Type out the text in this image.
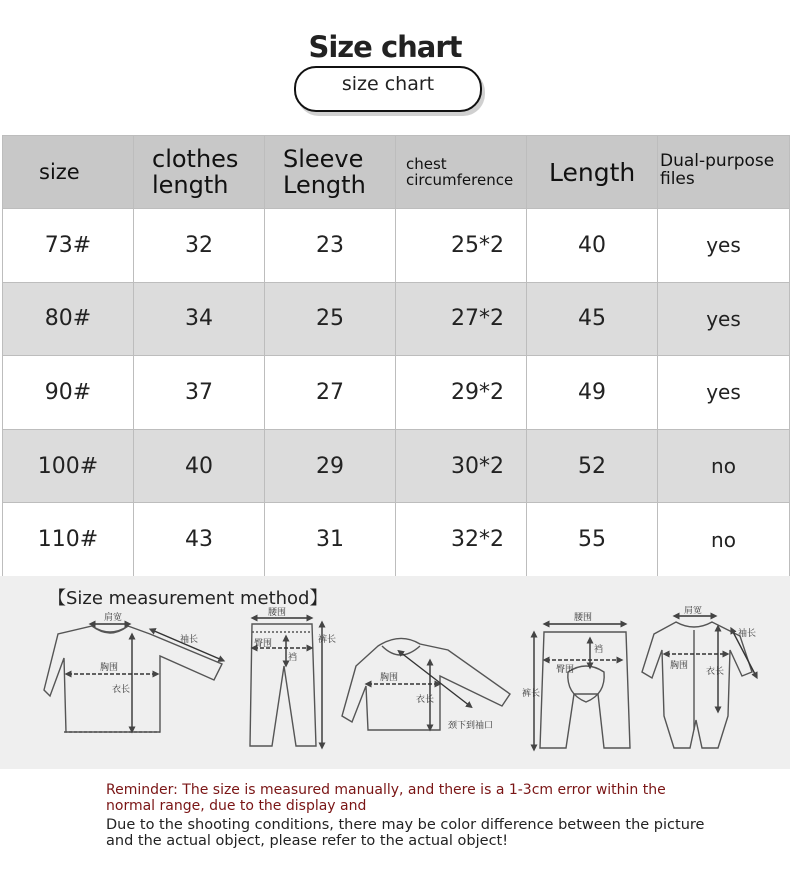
Size chart
size chart
size	clothes length	Sleeve Length	chest circumference	Length	Dual-purpose files
73#	32	23	25*2	40	yes
80#	34	25	27*2	45	yes
90#	37	27	29*2	49	yes
100#	40	29	30*2	52	no
110#	43	31	32*2	55	no
【Size measurement method】
肩宽
袖长
胸围
衣长
腰围
臀围
裆
裤长
胸围
衣长
颈下到袖口
腰围
臀围
裆
裤长
肩宽
胸围
衣长
袖长
Reminder: The size is measured manually, and there is a 1-3cm error within the normal range, due to the display and
Due to the shooting conditions, there may be color difference between the picture and the actual object, please refer to the actual object!
